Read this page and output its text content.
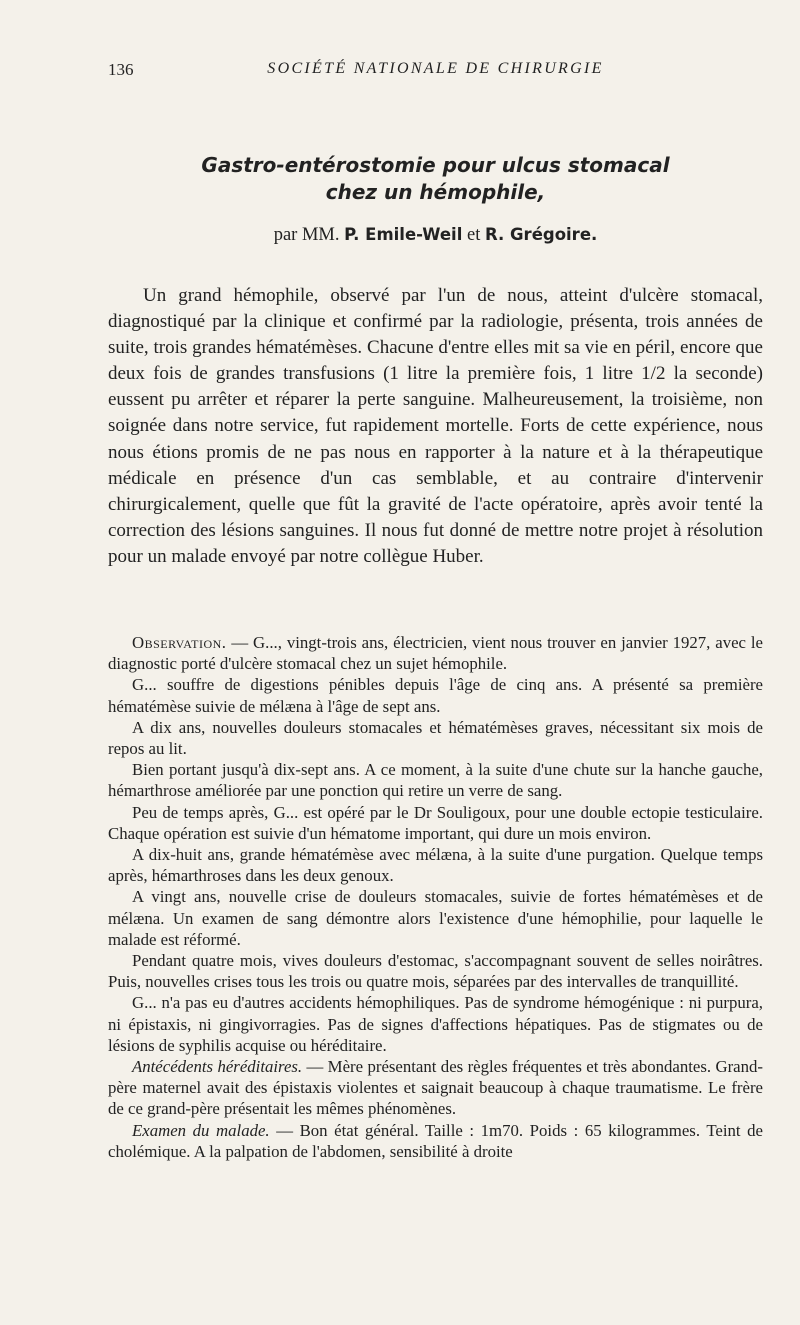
136	SOCIÉTÉ NATIONALE DE CHIRURGIE
Gastro-entérostomie pour ulcus stomacal
chez un hémophile,
par MM. P. Emile-Weil et R. Grégoire.

Un grand hémophile, observé par l'un de nous, atteint d'ulcère stomacal, diagnostiqué par la clinique et confirmé par la radiologie, présenta, trois années de suite, trois grandes hématémèses. Chacune d'entre elles mit sa vie en péril, encore que deux fois de grandes transfusions (1 litre la première fois, 1 litre 1/2 la seconde) eussent pu arrêter et réparer la perte sanguine. Malheureusement, la troisième, non soignée dans notre service, fut rapidement mortelle. Forts de cette expérience, nous nous étions promis de ne pas nous en rapporter à la nature et à la thérapeutique médicale en présence d'un cas semblable, et au contraire d'intervenir chirurgicalement, quelle que fût la gravité de l'acte opératoire, après avoir tenté la correction des lésions sanguines. Il nous fut donné de mettre notre projet à résolution pour un malade envoyé par notre collègue Huber.

Observation. — G..., vingt-trois ans, électricien, vient nous trouver en janvier 1927, avec le diagnostic porté d'ulcère stomacal chez un sujet hémophile.

G... souffre de digestions pénibles depuis l'âge de cinq ans. A présenté sa première hématémèse suivie de mélæna à l'âge de sept ans.

A dix ans, nouvelles douleurs stomacales et hématémèses graves, nécessitant six mois de repos au lit.

Bien portant jusqu'à dix-sept ans. A ce moment, à la suite d'une chute sur la hanche gauche, hémarthrose améliorée par une ponction qui retire un verre de sang.

Peu de temps après, G... est opéré par le Dr Souligoux, pour une double ectopie testiculaire. Chaque opération est suivie d'un hématome important, qui dure un mois environ.

A dix-huit ans, grande hématémèse avec mélæna, à la suite d'une purgation. Quelque temps après, hémarthroses dans les deux genoux.

A vingt ans, nouvelle crise de douleurs stomacales, suivie de fortes hématémèses et de mélæna. Un examen de sang démontre alors l'existence d'une hémophilie, pour laquelle le malade est réformé.

Pendant quatre mois, vives douleurs d'estomac, s'accompagnant souvent de selles noirâtres. Puis, nouvelles crises tous les trois ou quatre mois, séparées par des intervalles de tranquillité.

G... n'a pas eu d'autres accidents hémophiliques. Pas de syndrome hémogénique : ni purpura, ni épistaxis, ni gingivorragies. Pas de signes d'affections hépatiques. Pas de stigmates ou de lésions de syphilis acquise ou héréditaire.

Antécédents héréditaires. — Mère présentant des règles fréquentes et très abondantes. Grand-père maternel avait des épistaxis violentes et saignait beaucoup à chaque traumatisme. Le frère de ce grand-père présentait les mêmes phénomènes.

Examen du malade. — Bon état général. Taille : 1m70. Poids : 65 kilogrammes. Teint de cholémique. A la palpation de l'abdomen, sensibilité à droite
